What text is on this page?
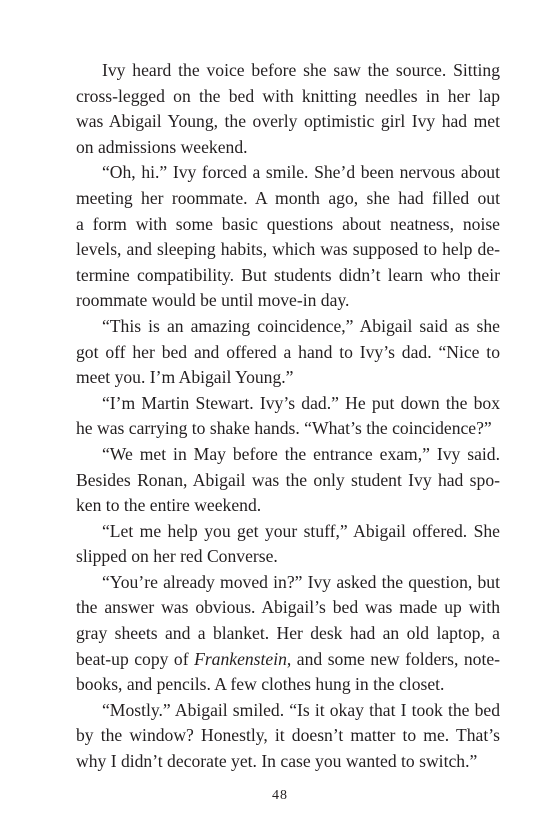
Ivy heard the voice before she saw the source. Sitting
cross-legged on the bed with knitting needles in her lap
was Abigail Young, the overly optimistic girl Ivy had met
on admissions weekend.

“Oh, hi.” Ivy forced a smile. She’d been nervous about
meeting her roommate. A month ago, she had filled out
a form with some basic questions about neatness, noise
levels, and sleeping habits, which was supposed to help de-
termine compatibility. But students didn’t learn who their
roommate would be until move-in day.

“This is an amazing coincidence,” Abigail said as she
got off her bed and offered a hand to Ivy’s dad. “Nice to
meet you. I’m Abigail Young.”

“I’m Martin Stewart. Ivy’s dad.” He put down the box
he was carrying to shake hands. “What’s the coincidence?”

“We met in May before the entrance exam,” Ivy said.
Besides Ronan, Abigail was the only student Ivy had spo-
ken to the entire weekend.

“Let me help you get your stuff,” Abigail offered. She
slipped on her red Converse.

“You’re already moved in?” Ivy asked the question, but
the answer was obvious. Abigail’s bed was made up with
gray sheets and a blanket. Her desk had an old laptop, a
beat-up copy of Frankenstein, and some new folders, note-
books, and pencils. A few clothes hung in the closet.

“Mostly.” Abigail smiled. “Is it okay that I took the bed
by the window? Honestly, it doesn’t matter to me. That’s
why I didn’t decorate yet. In case you wanted to switch.”

48
